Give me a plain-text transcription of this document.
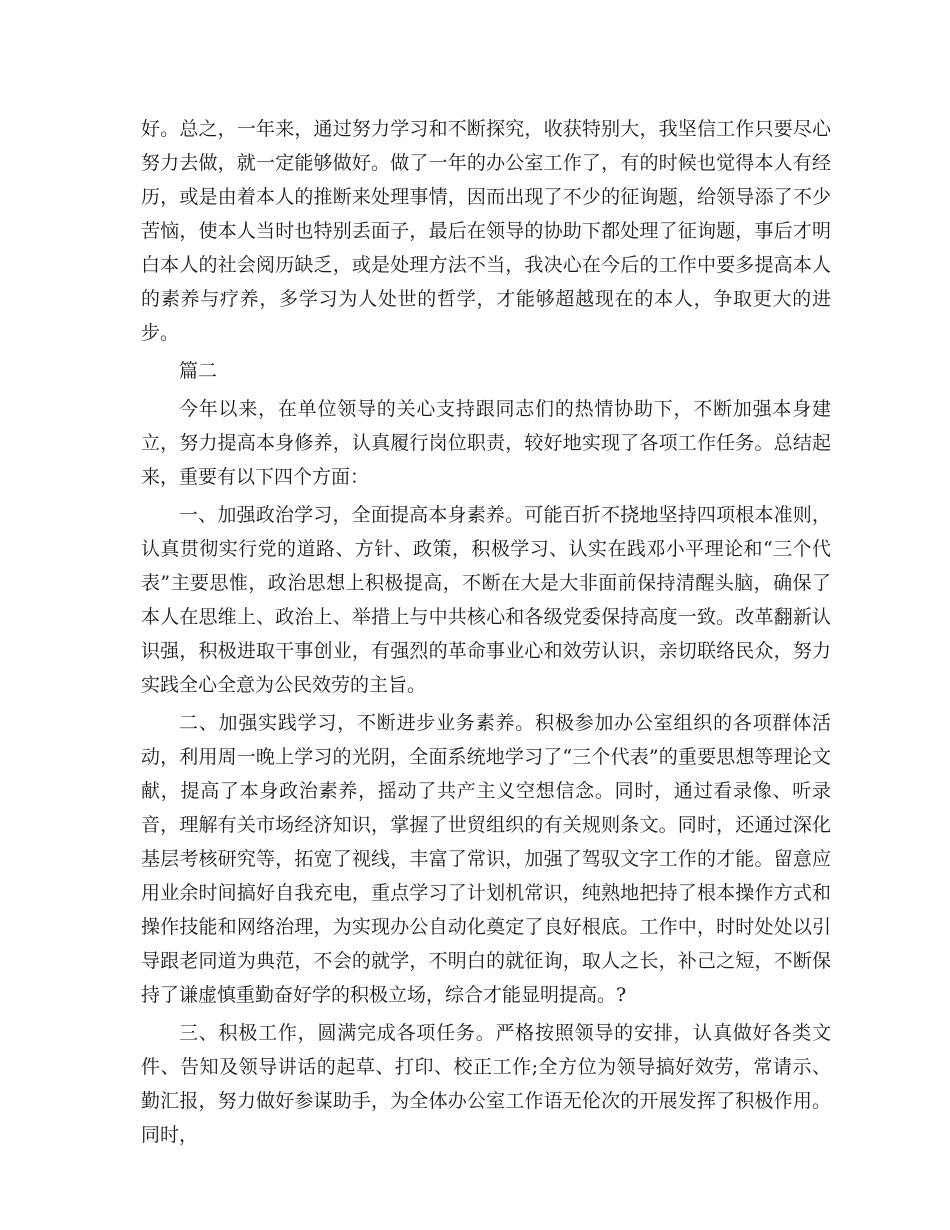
好。总之，一年来，通过努力学习和不断探究，收获特别大，我坚信工作只要尽心努力去做，就一定能够做好。做了一年的办公室工作了，有的时候也觉得本人有经历，或是由着本人的推断来处理事情，因而出现了不少的征询题，给领导添了不少苦恼，使本人当时也特别丢面子，最后在领导的协助下都处理了征询题，事后才明白本人的社会阅历缺乏，或是处理方法不当，我决心在今后的工作中要多提高本人的素养与疗养，多学习为人处世的哲学，才能够超越现在的本人，争取更大的进步。

篇二

今年以来，在单位领导的关心支持跟同志们的热情协助下，不断加强本身建立，努力提高本身修养，认真履行岗位职责，较好地实现了各项工作任务。总结起来，重要有以下四个方面：

一、加强政治学习，全面提高本身素养。可能百折不挠地坚持四项根本准则，认真贯彻实行党的道路、方针、政策，积极学习、认实在践邓小平理论和“三个代表”主要思惟，政治思想上积极提高，不断在大是大非面前保持清醒头脑，确保了本人在思维上、政治上、举措上与中共核心和各级党委保持高度一致。改革翻新认识强，积极进取干事创业，有强烈的革命事业心和效劳认识，亲切联络民众，努力实践全心全意为公民效劳的主旨。

二、加强实践学习，不断进步业务素养。积极参加办公室组织的各项群体活动，利用周一晚上学习的光阴，全面系统地学习了“三个代表”的重要思想等理论文献，提高了本身政治素养，摇动了共产主义空想信念。同时，通过看录像、听录音，理解有关市场经济知识，掌握了世贸组织的有关规则条文。同时，还通过深化基层考核研究等，拓宽了视线，丰富了常识，加强了驾驭文字工作的才能。留意应用业余时间搞好自我充电，重点学习了计划机常识，纯熟地把持了根本操作方式和操作技能和网络治理，为实现办公自动化奠定了良好根底。工作中，时时处处以引导跟老同道为典范，不会的就学，不明白的就征询，取人之长，补己之短，不断保持了谦虚慎重勤奋好学的积极立场，综合才能显明提高。?

三、积极工作，圆满完成各项任务。严格按照领导的安排，认真做好各类文件、告知及领导讲话的起草、打印、校正工作;全方位为领导搞好效劳，常请示、勤汇报，努力做好参谋助手，为全体办公室工作语无伦次的开展发挥了积极作用。同时，
